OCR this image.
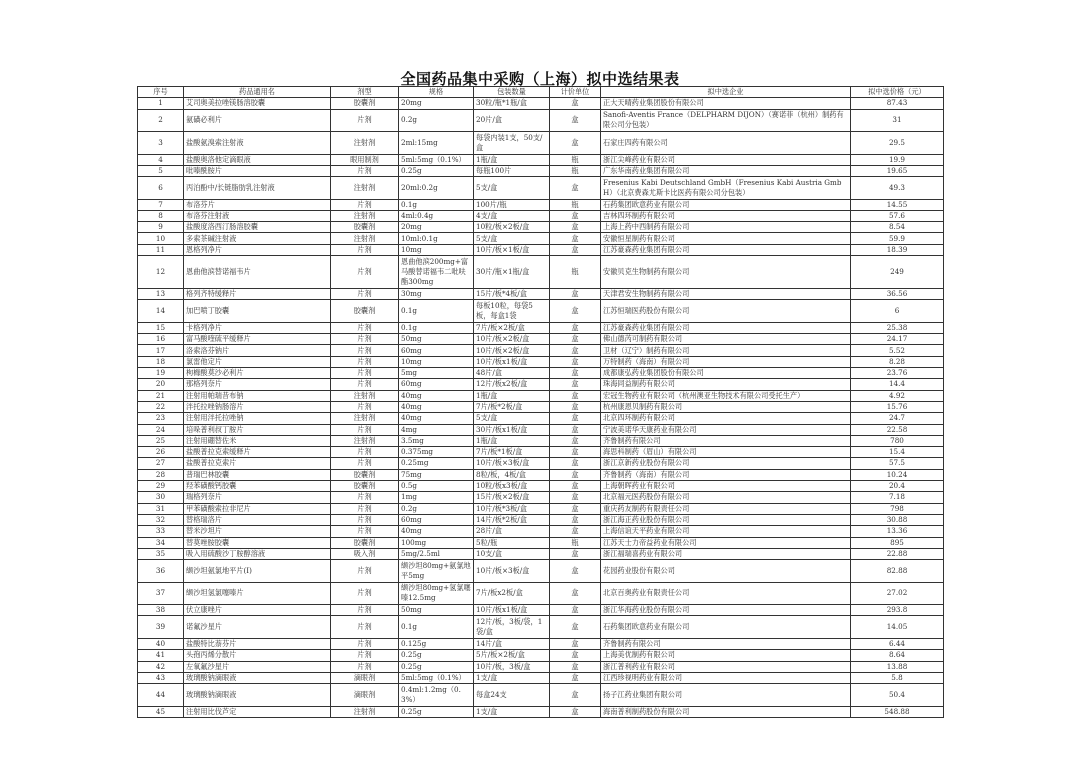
全国药品集中采购（上海）拟中选结果表
序号	药品通用名	剂型	规格	包装数量	计价单位	拟中选企业	拟中选价格（元）
1	艾司奥美拉唑镁肠溶胶囊	胶囊剂	20mg	30粒/瓶*1瓶/盒	盒	正大天晴药业集团股份有限公司	87.43
2	氨磺必利片	片剂	0.2g	20片/盒	盒	Sanofi-Aventis France（DELPHARM DIJON）（赛诺菲（杭州）制药有限公司分包装）	31
3	盐酸氨溴索注射液	注射剂	2ml:15mg	每袋内装1支，50支/盒	盒	石家庄四药有限公司	29.5
4	盐酸奥洛他定滴眼液	眼用制剂	5ml:5mg（0.1%）	1瓶/盒	瓶	浙江尖峰药业有限公司	19.9
5	吡嗪酰胺片	片剂	0.25g	每瓶100片	瓶	广东华南药业集团有限公司	19.65
6	丙泊酚中/长链脂肪乳注射液	注射剂	20ml:0.2g	5支/盒	盒	Fresenius Kabi Deutschland GmbH（Fresenius Kabi Austria GmbH）（北京费森尤斯卡比医药有限公司分包装）	49.3
7	布洛芬片	片剂	0.1g	100片/瓶	瓶	石药集团欧意药业有限公司	14.55
8	布洛芬注射液	注射剂	4ml:0.4g	4支/盒	盒	吉林四环制药有限公司	57.6
9	盐酸度洛西汀肠溶胶囊	胶囊剂	20mg	10粒/板×2板/盒	盒	上海上药中西制药有限公司	8.54
10	多索茶碱注射液	注射剂	10ml:0.1g	5支/盒	盒	安徽恒星制药有限公司	59.9
11	恩格列净片	片剂	10mg	10片/板×1板/盒	盒	江苏豪森药业集团有限公司	18.39
12	恩曲他滨替诺福韦片	片剂	恩曲他滨200mg+富马酸替诺福韦二吡呋酯300mg	30片/瓶×1瓶/盒	瓶	安徽贝克生物制药有限公司	249
13	格列齐特缓释片	片剂	30mg	15片/板*4板/盒	盒	天津君安生物制药有限公司	36.56
14	加巴喷丁胶囊	胶囊剂	0.1g	每板10粒，每袋5板，每盒1袋	盒	江苏恒瑞医药股份有限公司	6
15	卡格列净片	片剂	0.1g	7片/板×2板/盒	盒	江苏豪森药业集团有限公司	25.38
16	富马酸喹硫平缓释片	片剂	50mg	10片/板×2板/盒	盒	佛山德芮可制药有限公司	24.17
17	洛索洛芬钠片	片剂	60mg	10片/板×2板/盒	盒	卫材（辽宁）制药有限公司	5.52
18	氯雷他定片	片剂	10mg	10片/板x1板/盒	盒	万特制药（海南）有限公司	8.28
19	枸橼酸莫沙必利片	片剂	5mg	48片/盒	盒	成都康弘药业集团股份有限公司	23.76
20	那格列奈片	片剂	60mg	12片/板x2板/盒	盒	珠海同益制药有限公司	14.4
21	注射用帕瑞昔布钠	注射剂	40mg	1瓶/盒	盒	宏冠生物药业有限公司（杭州澳亚生物技术有限公司受托生产）	4.92
22	泮托拉唑钠肠溶片	片剂	40mg	7片/板*2板/盒	盒	杭州康恩贝制药有限公司	15.76
23	注射用泮托拉唑钠	注射剂	40mg	5支/盒	盒	北京四环制药有限公司	24.7
24	培哚普利叔丁胺片	片剂	4mg	30片/板x1板/盒	盒	宁波美诺华天康药业有限公司	22.58
25	注射用硼替佐米	注射剂	3.5mg	1瓶/盒	盒	齐鲁制药有限公司	780
26	盐酸普拉克索缓释片	片剂	0.375mg	7片/板*1板/盒	盒	海思科制药（眉山）有限公司	15.4
27	盐酸普拉克索片	片剂	0.25mg	10片/板×3板/盒	盒	浙江京新药业股份有限公司	57.5
28	普瑞巴林胶囊	胶囊剂	75mg	8粒/板，4板/盒	盒	齐鲁制药（海南）有限公司	10.24
29	羟苯磺酸钙胶囊	胶囊剂	0.5g	10粒/板x3板/盒	盒	上海朝晖药业有限公司	20.4
30	瑞格列奈片	片剂	1mg	15片/板×2板/盒	盒	北京福元医药股份有限公司	7.18
31	甲苯磺酸索拉非尼片	片剂	0.2g	10片/板*3板/盒	盒	重庆药友制药有限责任公司	798
32	替格瑞洛片	片剂	60mg	14片/板*2板/盒	盒	浙江海正药业股份有限公司	30.88
33	替米沙坦片	片剂	40mg	28片/盒	盒	上海信谊天平药业有限公司	13.36
34	替莫唑胺胶囊	胶囊剂	100mg	5粒/瓶	瓶	江苏天士力帝益药业有限公司	895
35	吸入用硫酸沙丁胺醇溶液	吸入剂	5mg/2.5ml	10支/盒	盒	浙江福瑞喜药业有限公司	22.88
36	缬沙坦氨氯地平片(Ⅰ)	片剂	缬沙坦80mg+氨氯地平5mg	10片/板×3板/盒	盒	花园药业股份有限公司	82.88
37	缬沙坦氢氯噻嗪片	片剂	缬沙坦80mg+氢氯噻嗪12.5mg	7片/板x2板/盒	盒	北京百奥药业有限责任公司	27.02
38	伏立康唑片	片剂	50mg	10片/板x1板/盒	盒	浙江华海药业股份有限公司	293.8
39	诺氟沙星片	片剂	0.1g	12片/板，3板/袋，1袋/盒	盒	石药集团欧意药业有限公司	14.05
40	盐酸特比萘芬片	片剂	0.125g	14片/盒	盒	齐鲁制药有限公司	6.44
41	头孢丙烯分散片	片剂	0.25g	5片/板×2板/盒	盒	上海美优制药有限公司	8.64
42	左氧氟沙星片	片剂	0.25g	10片/板，3板/盒	盒	浙江普利药业有限公司	13.88
43	玻璃酸钠滴眼液	滴眼剂	5ml:5mg（0.1%）	1支/盒	盒	江西珍视明药业有限公司	5.8
44	玻璃酸钠滴眼液	滴眼剂	0.4ml:1.2mg（0.3%）	每盒24支	盒	扬子江药业集团有限公司	50.4
45	注射用比伐芦定	注射剂	0.25g	1支/盒	盒	海南普利制药股份有限公司	548.88
